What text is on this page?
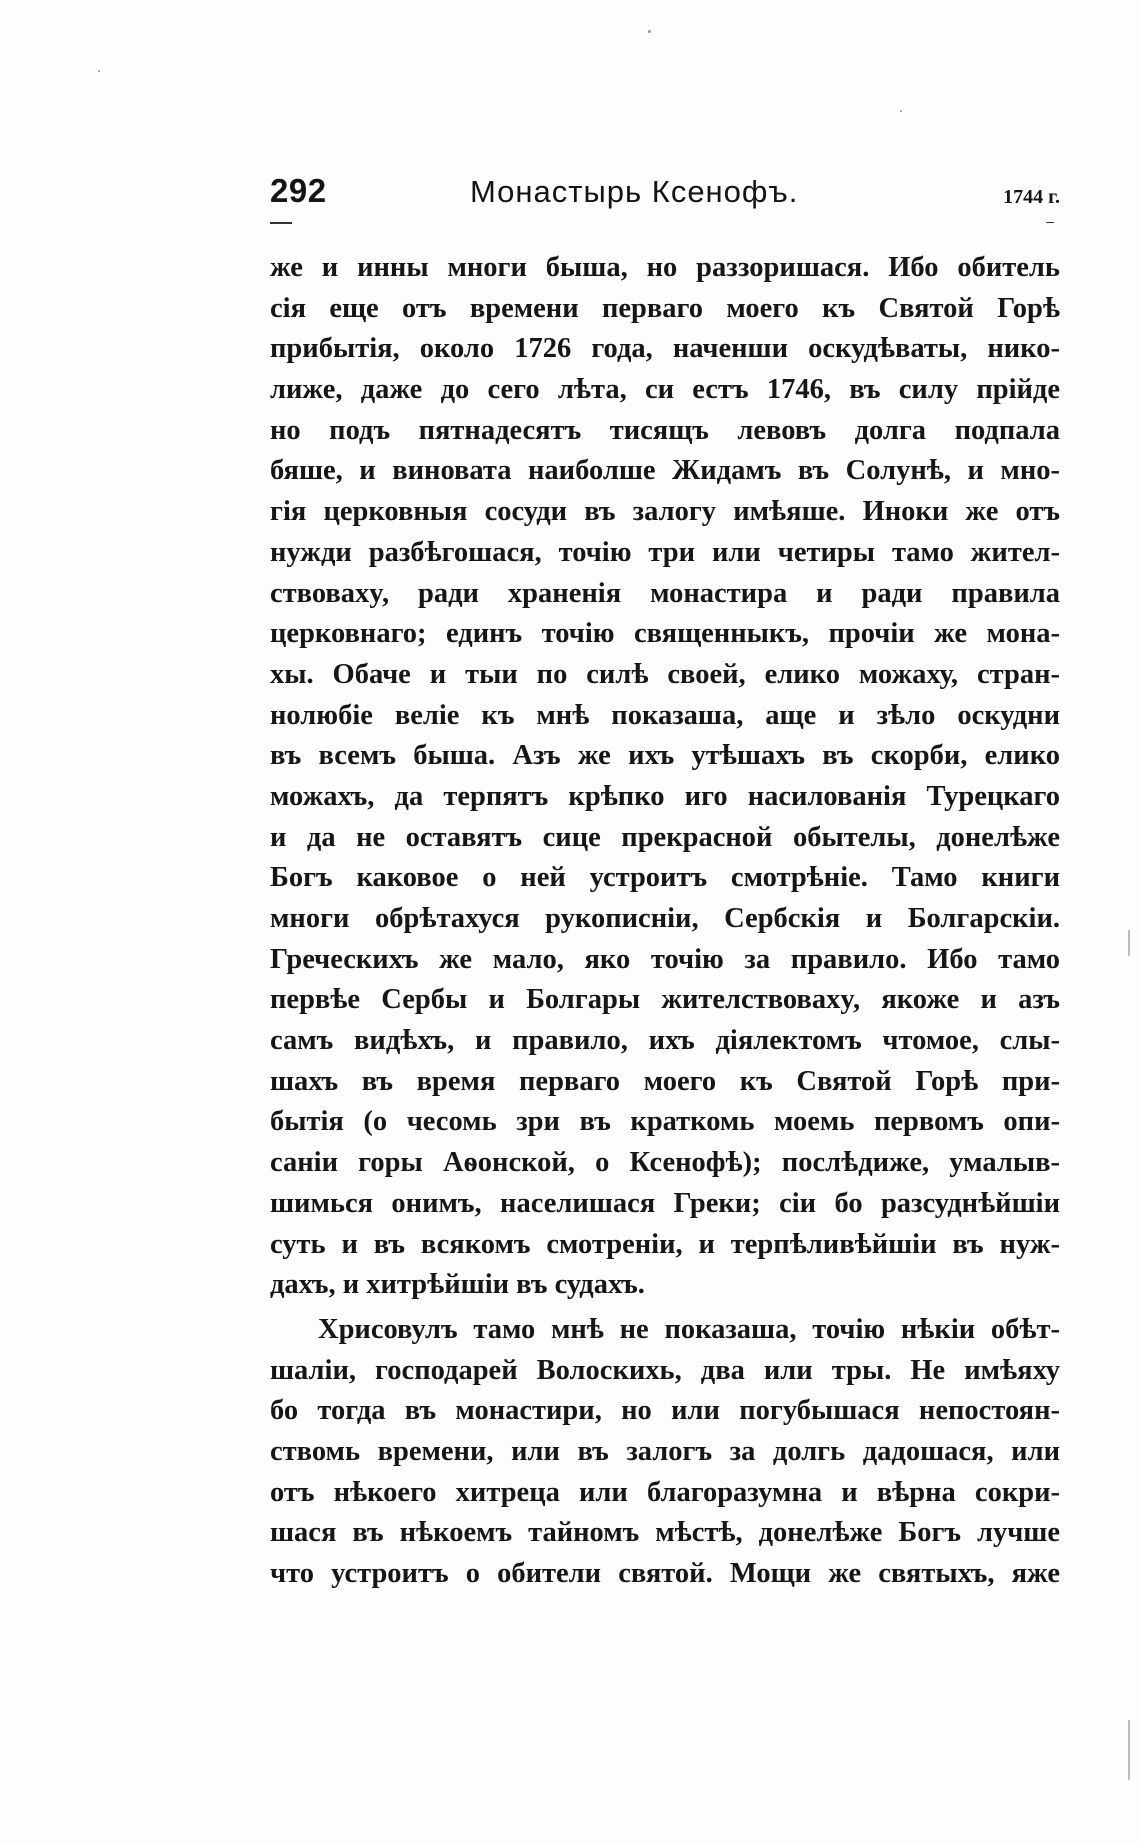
292	Монастырь Ксенофъ.	1744 г.
же и инны многи быша, но раззоришася. Ибо обитель
сія еще отъ времени перваго моего къ Святой Горѣ
прибытія, около 1726 года, наченши оскудѣваты, нико-
лиже, даже до сего лѣта, си естъ 1746, въ силу прійде
но подъ пятнадесятъ тисящъ левовъ долга подпала
бяше, и виновата наиболше Жидамъ въ Солунѣ, и мно-
гія церковныя сосуди въ залогу имѣяше. Иноки же отъ
нужди разбѣгошася, точію три или четиры тамо жител-
ствовахy, ради храненія монастира и ради правила
церковнаго; единъ точію священныкъ, прочіи же мона-
хы. Обаче и тыи по силѣ своей, елико можаху, стран-
нолюбіе веліе къ мнѣ показаша, аще и зѣло оскудни
въ всемъ быша. Азъ же ихъ утѣшахъ въ скорби, елико
можахъ, да терпятъ крѣпко иго насилованія Турецкаго
и да не оставятъ сице прекрасной обытелы, донелѣже
Богъ каковое о ней устроитъ смотрѣніе. Тамо книги
многи обрѣтахуся рукописніи, Сербскія и Болгарскіи.
Греческихъ же мало, яко точію за правило. Ибо тамо
первѣе Сербы и Болгары жителствовахy, якоже и азъ
самъ видѣхъ, и правило, ихъ діялектомъ чтомое, слы-
шахъ въ время перваго моего къ Святой Горѣ при-
бытія (о чесомь зри въ краткомь моемь первомъ опи-
саніи горы Аѳонской, о Ксенофѣ); послѣдиже, умалыв-
шимься онимъ, населишася Греки; сіи бо разсуднѣйшіи
суть и въ всякомъ смотреніи, и терпѣливѣйшіи въ нуж-
дахъ, и хитрѣйшіи въ судахъ.
Хрисовулъ тамо мнѣ не показаша, точію нѣкіи обѣт-
шаліи, господарей Волоскихь, два или тры. Не имѣяху
бо тогда въ монастири, но или погубышася непостоян-
ствомь времени, или въ залогъ за долгь дадошася, или
отъ нѣкоего хитреца или благоразумна и вѣрна сокри-
шася въ нѣкоемъ тайномъ мѣстѣ, донелѣже Богъ лучше
что устроитъ о обители святой. Мощи же святыхъ, яже
